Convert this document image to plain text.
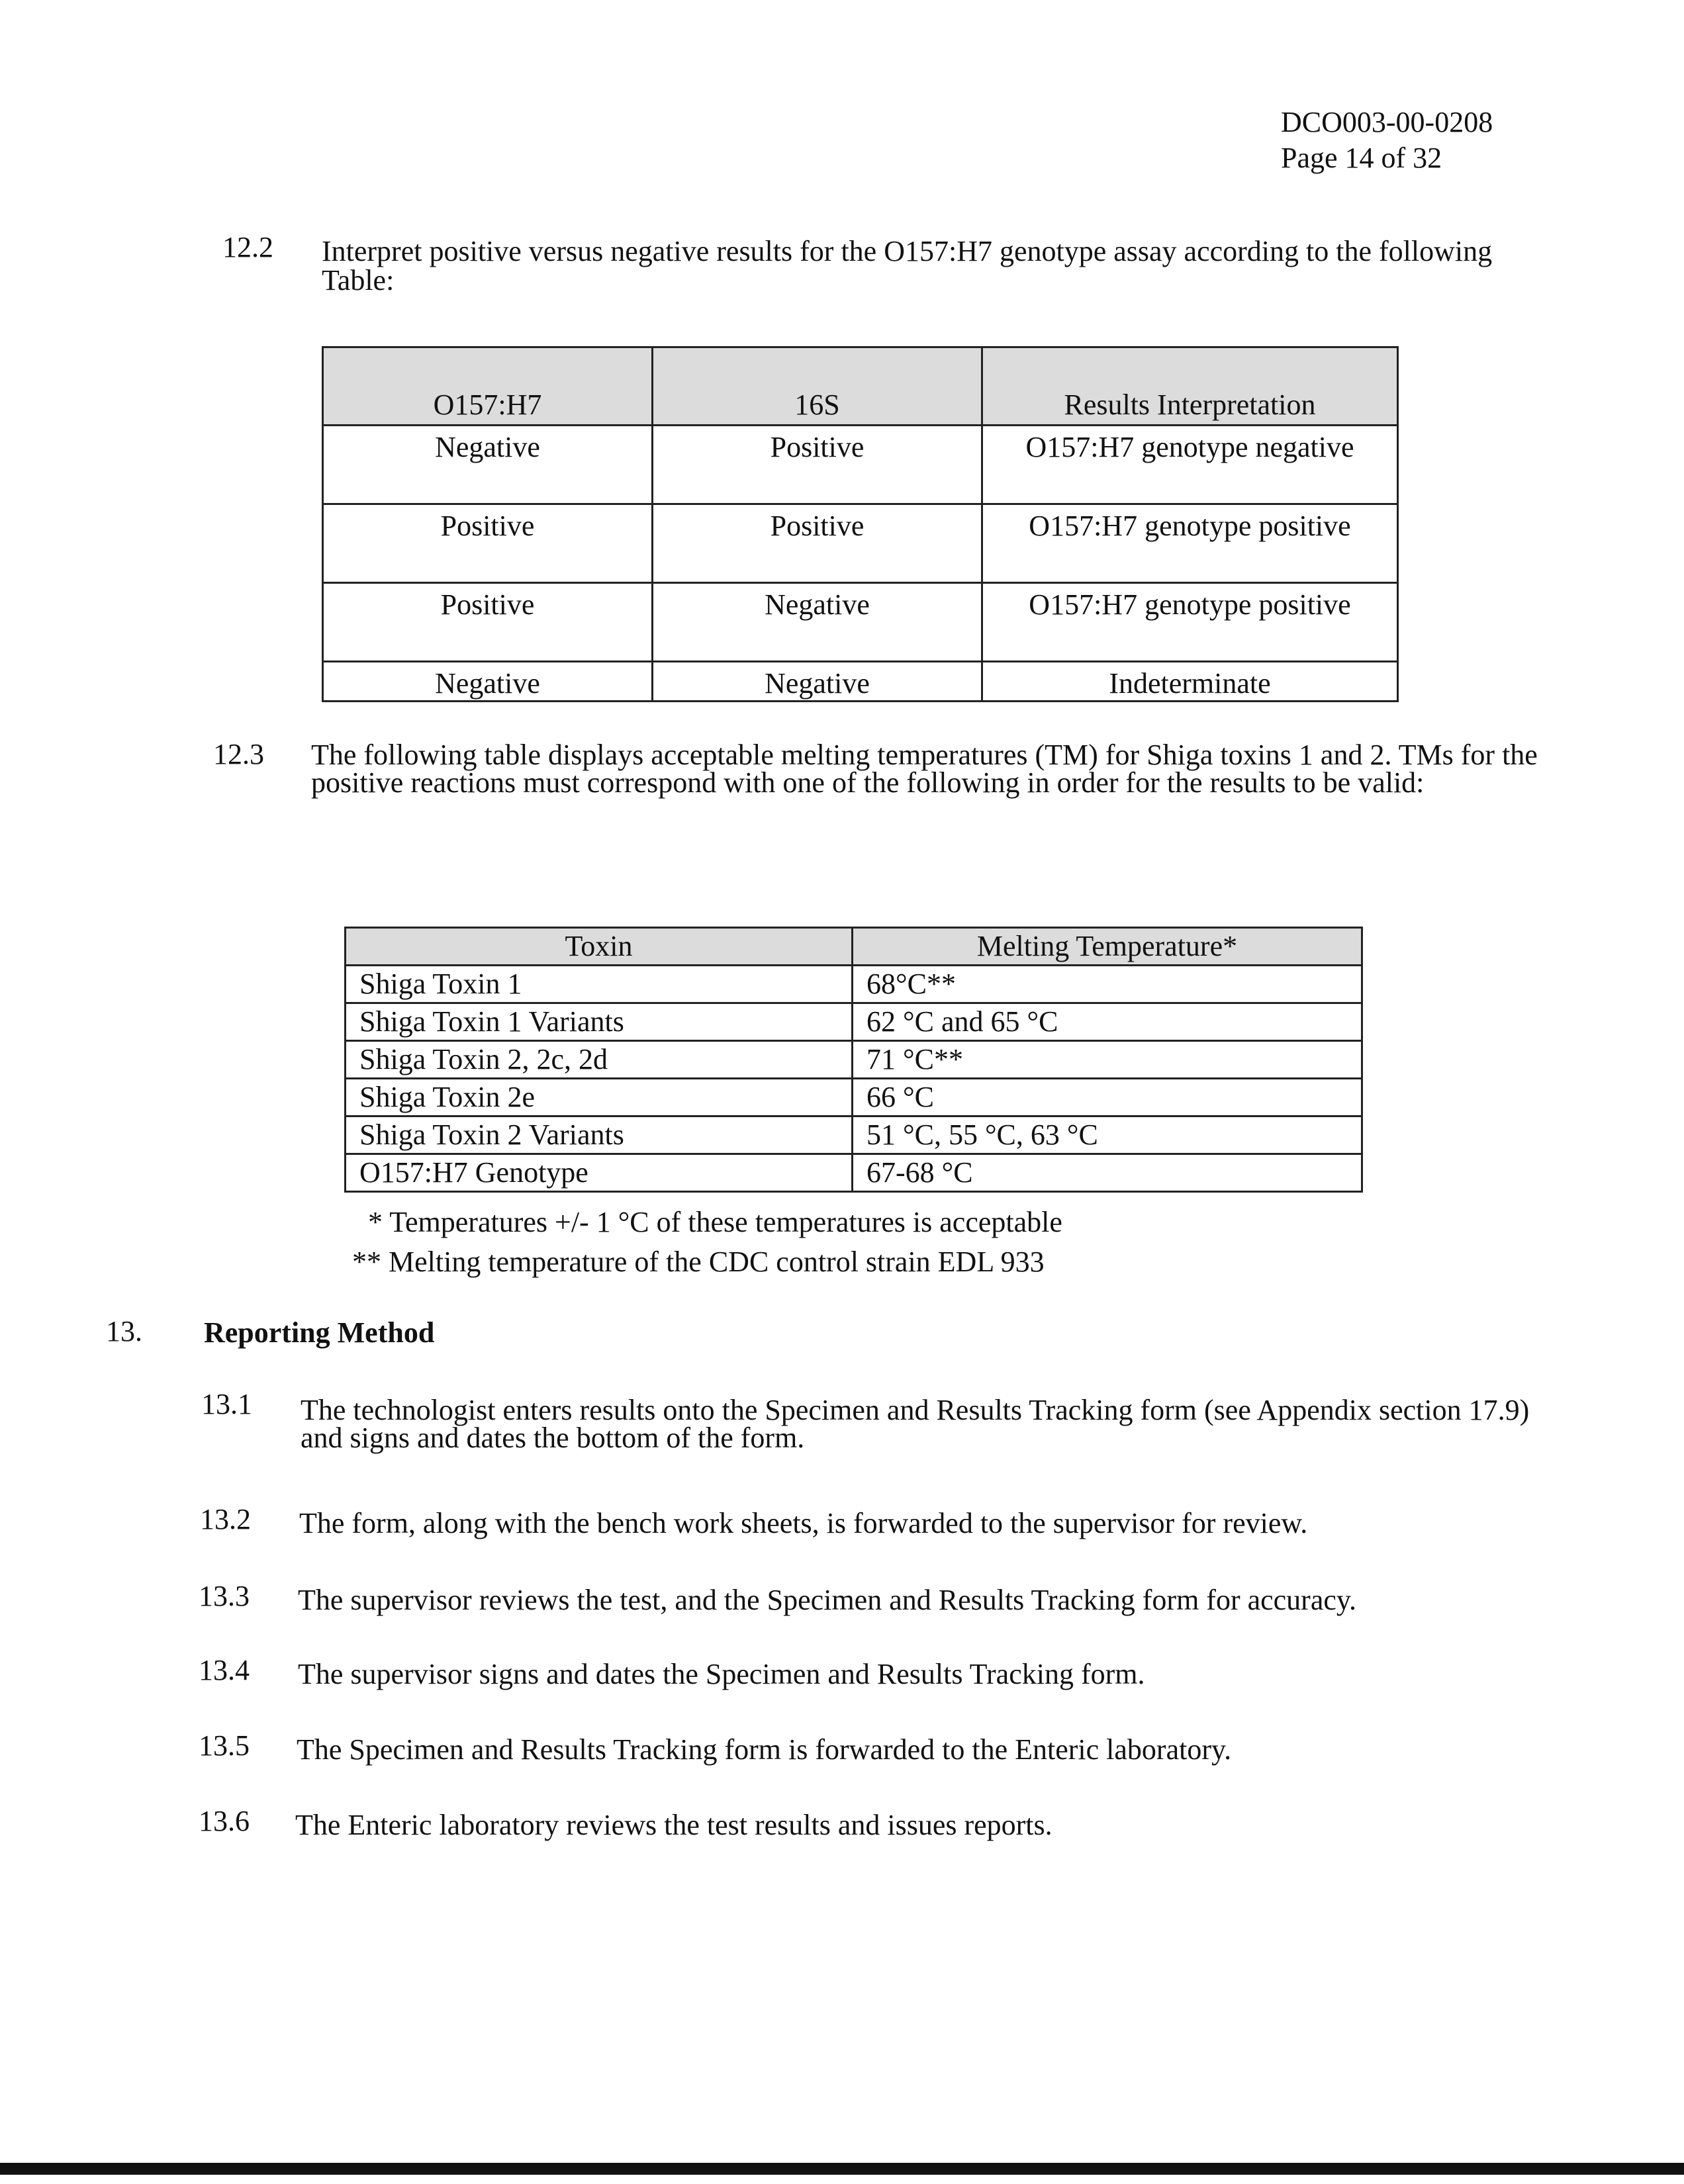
DCO003-00-0208
Page 14 of 32
12.2 Interpret positive versus negative results for the O157:H7 genotype assay according to the following Table:
O157:H7	16S	Results Interpretation
Negative	Positive	O157:H7 genotype negative
Positive	Positive	O157:H7 genotype positive
Positive	Negative	O157:H7 genotype positive
Negative	Negative	Indeterminate
12.3 The following table displays acceptable melting temperatures (TM) for Shiga toxins 1 and 2. TMs for the positive reactions must correspond with one of the following in order for the results to be valid:
Toxin	Melting Temperature*
Shiga Toxin 1	68°C**
Shiga Toxin 1 Variants	62 °C and 65 °C
Shiga Toxin 2, 2c, 2d	71 °C**
Shiga Toxin 2e	66 °C
Shiga Toxin 2 Variants	51 °C, 55 °C, 63 °C
O157:H7 Genotype	67-68 °C
* Temperatures +/- 1 °C of these temperatures is acceptable
** Melting temperature of the CDC control strain EDL 933
13. Reporting Method
13.1 The technologist enters results onto the Specimen and Results Tracking form (see Appendix section 17.9) and signs and dates the bottom of the form.
13.2 The form, along with the bench work sheets, is forwarded to the supervisor for review.
13.3 The supervisor reviews the test, and the Specimen and Results Tracking form for accuracy.
13.4 The supervisor signs and dates the Specimen and Results Tracking form.
13.5 The Specimen and Results Tracking form is forwarded to the Enteric laboratory.
13.6 The Enteric laboratory reviews the test results and issues reports.
